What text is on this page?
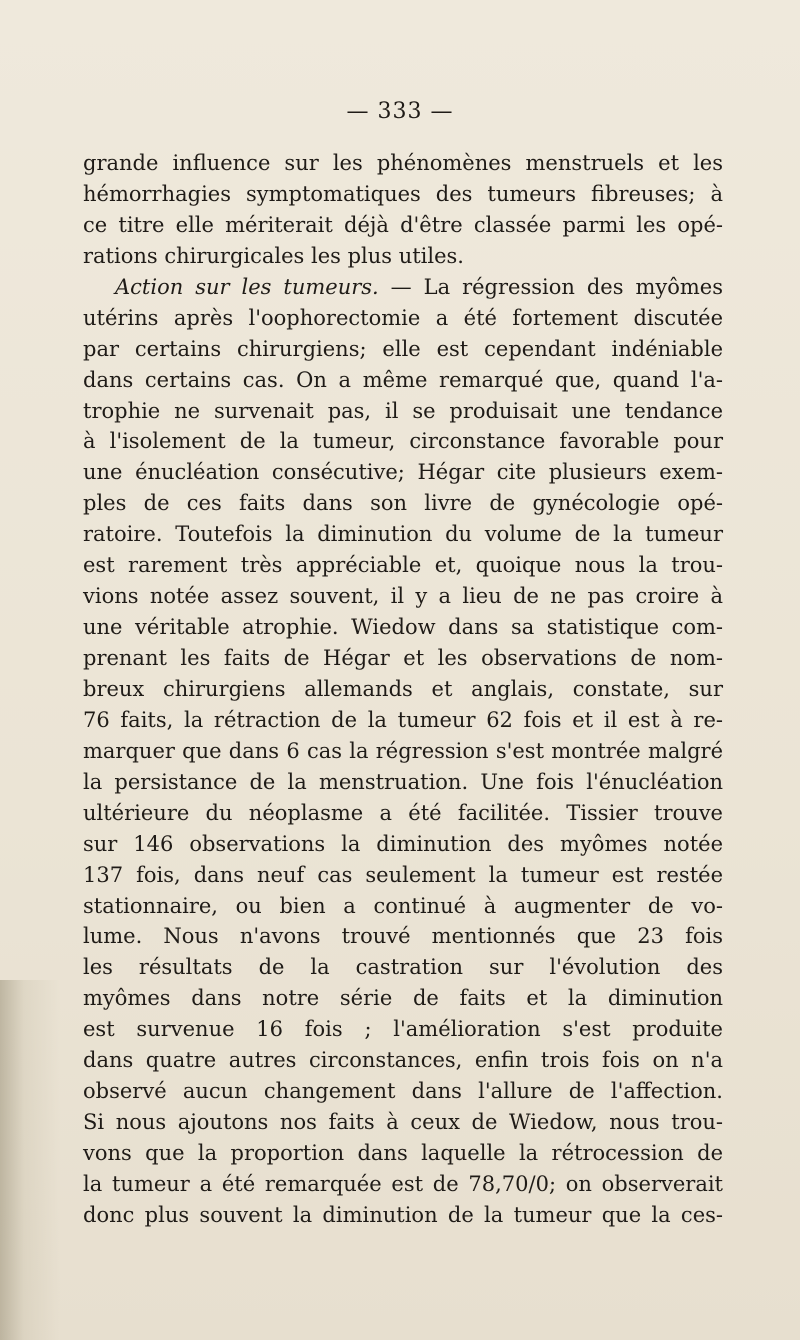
— 333 —
grande influence sur les phénomènes menstruels et les
hémorrhagies symptomatiques des tumeurs fibreuses; à
ce titre elle mériterait déjà d'être classée parmi les opé-
rations chirurgicales les plus utiles.
Action sur les tumeurs. — La régression des myômes
utérins après l'oophorectomie a été fortement discutée
par certains chirurgiens; elle est cependant indéniable
dans certains cas. On a même remarqué que, quand l'a-
trophie ne survenait pas, il se produisait une tendance
à l'isolement de la tumeur, circonstance favorable pour
une énucléation consécutive; Hégar cite plusieurs exem-
ples de ces faits dans son livre de gynécologie opé-
ratoire. Toutefois la diminution du volume de la tumeur
est rarement très appréciable et, quoique nous la trou-
vions notée assez souvent, il y a lieu de ne pas croire à
une véritable atrophie. Wiedow dans sa statistique com-
prenant les faits de Hégar et les observations de nom-
breux chirurgiens allemands et anglais, constate, sur
76 faits, la rétraction de la tumeur 62 fois et il est à re-
marquer que dans 6 cas la régression s'est montrée malgré
la persistance de la menstruation. Une fois l'énucléation
ultérieure du néoplasme a été facilitée. Tissier trouve
sur 146 observations la diminution des myômes notée
137 fois, dans neuf cas seulement la tumeur est restée
stationnaire, ou bien a continué à augmenter de vo-
lume. Nous n'avons trouvé mentionnés que 23 fois
les résultats de la castration sur l'évolution des
myômes dans notre série de faits et la diminution
est survenue 16 fois ; l'amélioration s'est produite
dans quatre autres circonstances, enfin trois fois on n'a
observé aucun changement dans l'allure de l'affection.
Si nous ajoutons nos faits à ceux de Wiedow, nous trou-
vons que la proportion dans laquelle la rétrocession de
la tumeur a été remarquée est de 78,70/0; on observerait
donc plus souvent la diminution de la tumeur que la ces-
